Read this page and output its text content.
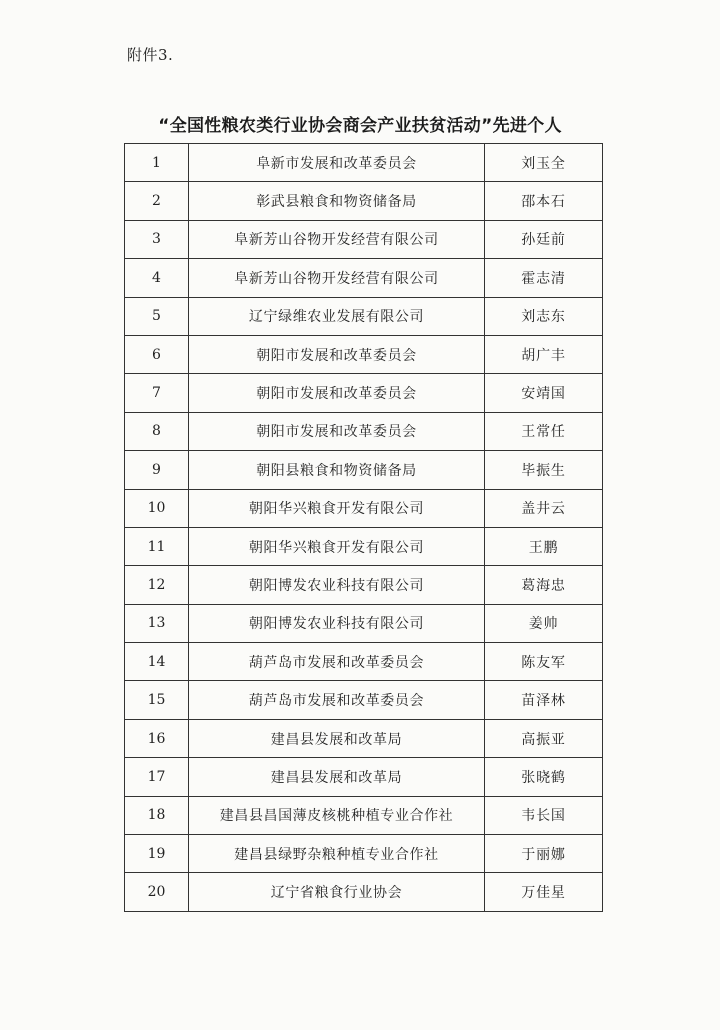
附件3.
“全国性粮农类行业协会商会产业扶贫活动”先进个人
1	阜新市发展和改革委员会	刘玉全
2	彰武县粮食和物资储备局	邵本石
3	阜新芳山谷物开发经营有限公司	孙廷前
4	阜新芳山谷物开发经营有限公司	霍志清
5	辽宁绿维农业发展有限公司	刘志东
6	朝阳市发展和改革委员会	胡广丰
7	朝阳市发展和改革委员会	安靖国
8	朝阳市发展和改革委员会	王常任
9	朝阳县粮食和物资储备局	毕振生
10	朝阳华兴粮食开发有限公司	盖井云
11	朝阳华兴粮食开发有限公司	王鹏
12	朝阳博发农业科技有限公司	葛海忠
13	朝阳博发农业科技有限公司	姜帅
14	葫芦岛市发展和改革委员会	陈友军
15	葫芦岛市发展和改革委员会	苗泽林
16	建昌县发展和改革局	高振亚
17	建昌县发展和改革局	张晓鹤
18	建昌县昌国薄皮核桃种植专业合作社	韦长国
19	建昌县绿野杂粮种植专业合作社	于丽娜
20	辽宁省粮食行业协会	万佳星
